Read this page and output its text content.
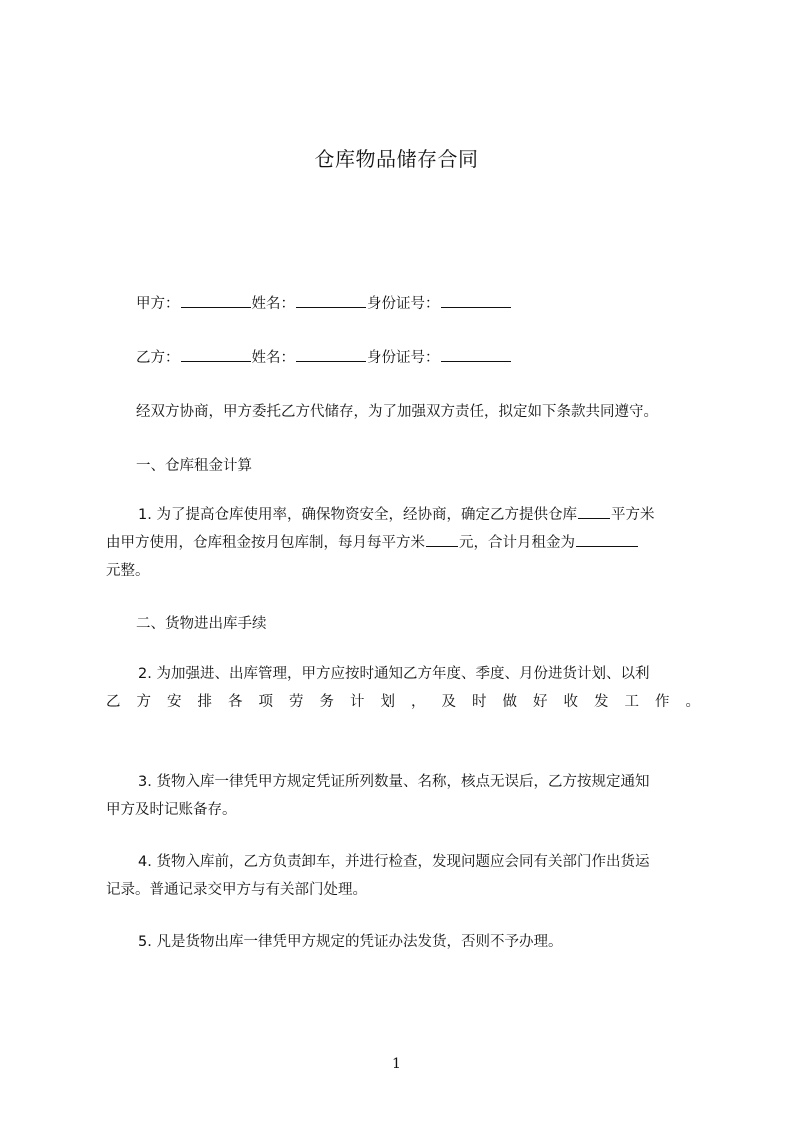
仓库物品储存合同
甲方：	姓名：	身份证号：
乙方：	姓名：	身份证号：
经双方协商，甲方委托乙方代储存，为了加强双方责任，拟定如下条款共同遵守。
一、仓库租金计算
1. 为了提高仓库使用率，确保物资安全，经协商，确定乙方提供仓库 平方米
由甲方使用，仓库租金按月包库制，每月每平方米 元，合计月租金为
元整。
二、货物进出库手续
2. 为加强进、出库管理，甲方应按时通知乙方年度、季度、月份进货计划、以利
乙 方 安 排 各 项 劳 务 计 划 ， 及 时 做 好 收 发 工 作 。
3. 货物入库一律凭甲方规定凭证所列数量、名称，核点无误后，乙方按规定通知
甲方及时记账备存。
4. 货物入库前，乙方负责卸车，并进行检查，发现问题应会同有关部门作出货运
记录。普通记录交甲方与有关部门处理。
5. 凡是货物出库一律凭甲方规定的凭证办法发货，否则不予办理。
1
